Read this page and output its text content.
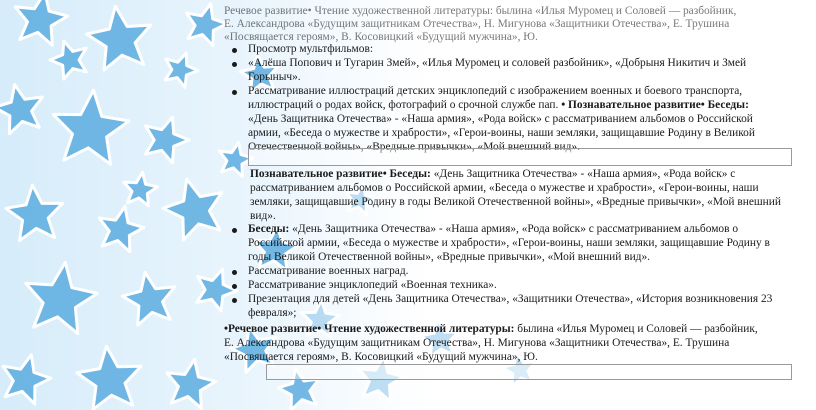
Речевое развитие• Чтение художественной литературы: былина «Илья Муромец и Соловей — разбойник,
Е. Александрова «Будущим защитникам Отечества», Н. Мигунова «Защитники Отечества», Е. Трушина
«Посвящается героям», В. Косовицкий «Будущий мужчина», Ю.
Просмотр мультфильмов:
«Алёша Попович и Тугарин Змей», «Илья Муромец и соловей разбойник», «Добрыня Никитич и Змей
Горыныч».
Рассматривание иллюстраций детских энциклопедий с изображением военных и боевого транспорта,
иллюстраций о родах войск, фотографий о срочной службе пап. • Познавательное развитие• Беседы:
«День Защитника Отечества» - «Наша армия», «Рода войск» с рассматриванием альбомов о Российской
армии, «Беседа о мужестве и храбрости», «Герои-воины, наши земляки, защищавшие Родину в Великой
Отечественной войны», «Вредные привычки», «Мой внешний вид».
Познавательное развитие• Беседы: «День Защитника Отечества» - «Наша армия», «Рода войск» с
рассматриванием альбомов о Российской армии, «Беседа о мужестве и храбрости», «Герои-воины, наши
земляки, защищавшие Родину в годы Великой Отечественной войны», «Вредные привычки», «Мой внешний
вид».
Беседы: «День Защитника Отечества» - «Наша армия», «Рода войск» с рассматриванием альбомов о
Российской армии, «Беседа о мужестве и храбрости», «Герои-воины, наши земляки, защищавшие Родину в
годы Великой Отечественной войны», «Вредные привычки», «Мой внешний вид».
Рассматривание военных наград.
Рассматривание энциклопедий «Военная техника».
Презентация для детей «День Защитника Отечества», «Защитники Отечества», «История возникновения 23
февраля»;
•Речевое развитие• Чтение художественной литературы: былина «Илья Муромец и Соловей — разбойник,
Е. Александрова «Будущим защитникам Отечества», Н. Мигунова «Защитники Отечества», Е. Трушина
«Посвящается героям», В. Косовицкий «Будущий мужчина», Ю.
